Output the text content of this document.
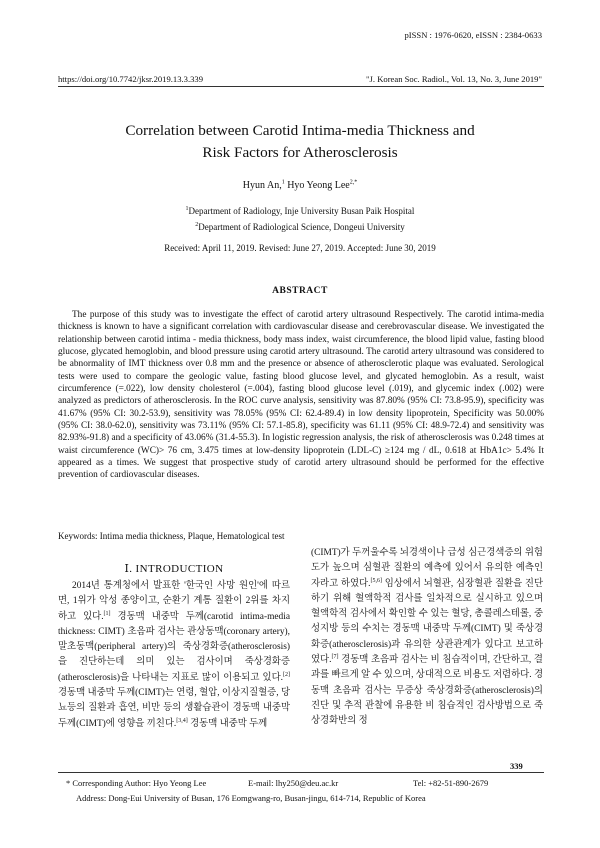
pISSN : 1976-0620, eISSN : 2384-0633
https://doi.org/10.7742/jksr.2019.13.3.339	"J. Korean Soc. Radiol., Vol. 13, No. 3, June 2019"
Correlation between Carotid Intima-media Thickness and
Risk Factors for Atherosclerosis
Hyun An,$^1$ Hyo Yeong Lee$^{2,*}$
$^1$Department of Radiology, Inje University Busan Paik Hospital
$^2$Department of Radiological Science, Dongeui University
Received: April 11, 2019. Revised: June 27, 2019. Accepted: June 30, 2019
ABSTRACT

The purpose of this study was to investigate the effect of carotid artery ultrasound Respectively. The carotid intima-media thickness is known to have a significant correlation with cardiovascular disease and cerebrovascular disease. We investigated the relationship between carotid intima - media thickness, body mass index, waist circumference, the blood lipid value, fasting blood glucose, glycated hemoglobin, and blood pressure using carotid artery ultrasound. The carotid artery ultrasound was considered to be abnormality of IMT thickness over 0.8 mm and the presence or absence of atherosclerotic plaque was evaluated. Serological tests were used to compare the geologic value, fasting blood glucose level, and glycated hemoglobin. As a result, waist circumference (=.022), low density cholesterol (=.004), fasting blood glucose level (.019), and glycemic index (.002) were analyzed as predictors of atherosclerosis. In the ROC curve analysis, sensitivity was 87.80% (95% CI: 73.8-95.9), specificity was 41.67% (95% CI: 30.2-53.9), sensitivity was 78.05% (95% CI: 62.4-89.4) in low density lipoprotein, Specificity was 50.00% (95% CI: 38.0-62.0), sensitivity was 73.11% (95% CI: 57.1-85.8), specificity was 61.11 (95% CI: 48.9-72.4) and sensitivity was 82.93%-91.8) and a specificity of 43.06% (31.4-55.3). In logistic regression analysis, the risk of atherosclerosis was 0.248 times at waist circumference (WC)> 76 cm, 3.475 times at low-density lipoprotein (LDL-C) ≥124 mg / dL, 0.618 at HbA1c> 5.4% It appeared as a times. We suggest that prospective study of carotid artery ultrasound should be performed for the effective prevention of cardiovascular diseases.

Keywords: Intima media thickness, Plaque, Hematological test
Ⅰ. INTRODUCTION

2014년 통계청에서 발표한 '한국인 사망 원인'에 따르면, 1위가 악성 종양이고, 순환기 계통 질환이 2위를 차지하고 있다.[1] 경동맥 내중막 두께(carotid intima-media thickness: CIMT) 초음파 검사는 관상동맥(coronary artery), 말초동맥(peripheral artery)의 죽상경화증(atherosclerosis)을 진단하는데 의미 있는 검사이며 죽상경화증(atherosclerosis)을 나타내는 지표로 많이 이용되고 있다.[2] 경동맥 내중막 두께(CIMT)는 연령, 혈압, 이상지질혈증, 당뇨등의 질환과 흡연, 비만 등의 생활습관이 경동맥 내중막 두께(CIMT)에 영향을 끼친다.[3,4] 경동맥 내중막 두께

(CIMT)가 두꺼울수록 뇌경색이나 급성 심근경색증의 위험도가 높으며 심혈관 질환의 예측에 있어서 유의한 예측인자라고 하였다.[5,6] 임상에서 뇌혈관, 심장혈관 질환을 진단하기 위해 혈액학적 검사를 일차적으로 실시하고 있으며 혈액학적 검사에서 확인할 수 있는 혈당, 총콜레스테롤, 중성지방 등의 수치는 경동맥 내중막 두께(CIMT) 및 죽상경화증(atherosclerosis)과 유의한 상관관계가 있다고 보고하였다.[7] 경동맥 초음파 검사는 비 침습적이며, 간단하고, 결과를 빠르게 알 수 있으며, 상대적으로 비용도 저렴하다. 경동맥 초음파 검사는 무증상 죽상경화증(atherosclerosis)의 진단 및 추적 관찰에 유용한 비 침습적인 검사방법으로 죽상경화반의 정

339
* Corresponding Author: Hyo Yeong Lee	E-mail: lhy250@deu.ac.kr	Tel: +82-51-890-2679
Address: Dong-Eui University of Busan, 176 Eomgwang-ro, Busan-jingu, 614-714, Republic of Korea
